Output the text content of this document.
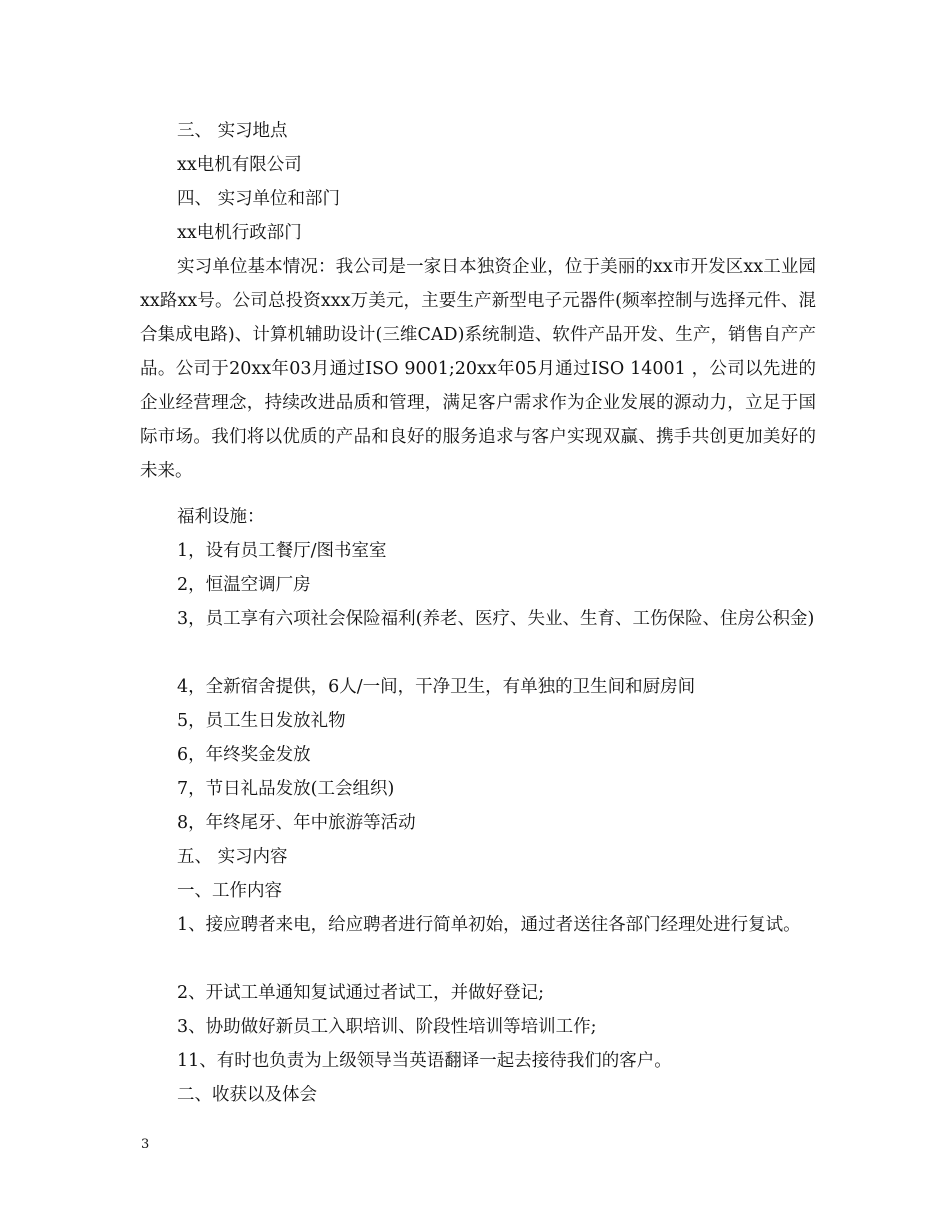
三、 实习地点

xx电机有限公司

四、 实习单位和部门

xx电机行政部门

实习单位基本情况：我公司是一家日本独资企业，位于美丽的xx市开发区xx工业园xx路xx号。公司总投资xxx万美元，主要生产新型电子元器件(频率控制与选择元件、混合集成电路)、计算机辅助设计(三维CAD)系统制造、软件产品开发、生产，销售自产产品。公司于20xx年03月通过ISO 9001;20xx年05月通过ISO 14001 ，公司以先进的企业经营理念，持续改进品质和管理，满足客户需求作为企业发展的源动力，立足于国际市场。我们将以优质的产品和良好的服务追求与客户实现双赢、携手共创更加美好的未来。

福利设施：

1，设有员工餐厅/图书室室

2，恒温空调厂房

3，员工享有六项社会保险福利(养老、医疗、失业、生育、工伤保险、住房公积金)

4，全新宿舍提供，6人/一间，干净卫生，有单独的卫生间和厨房间

5，员工生日发放礼物

6，年终奖金发放

7，节日礼品发放(工会组织)

8，年终尾牙、年中旅游等活动

五、 实习内容

一、工作内容

1、接应聘者来电，给应聘者进行简单初始，通过者送往各部门经理处进行复试。

2、开试工单通知复试通过者试工，并做好登记;

3、协助做好新员工入职培训、阶段性培训等培训工作;

11、有时也负责为上级领导当英语翻译一起去接待我们的客户。

二、收获以及体会

3
